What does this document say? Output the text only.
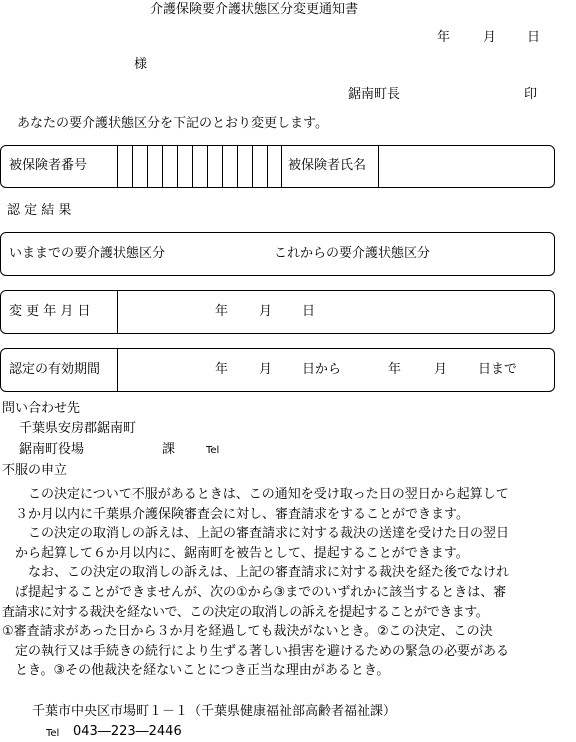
介護保険要介護状態区分変更通知書
年	月 日
様
鋸南町長	印
あなたの要介護状態区分を下記のとおり変更します。
被保険者番号	被保険者氏名
認 定 結 果
いままでの要介護状態区分	これからの要介護状態区分
変 更 年 月 日	年 月 日
認定の有効期間	年 月 日から	年	月 日まで
問い合わせ先
千葉県安房郡鋸南町
鋸南町役場	課	Tel
不服の申立
　この決定について不服があるときは、この通知を受け取った日の翌日から起算して
３か月以内に千葉県介護保険審査会に対し、審査請求をすることができます。
　この決定の取消しの訴えは、上記の審査請求に対する裁決の送達を受けた日の翌日
から起算して６か月以内に、鋸南町を被告として、提起することができます。
　なお、この決定の取消しの訴えは、上記の審査請求に対する裁決を経た後でなけれ
ば提起することができませんが、次の①から③までのいずれかに該当するときは、審
査請求に対する裁決を経ないで、この決定の取消しの訴えを提起することができます。
①審査請求があった日から３か月を経過しても裁決がないとき。②この決定、この決
定の執行又は手続きの続行により生ずる著しい損害を避けるための緊急の必要がある
とき。③その他裁決を経ないことにつき正当な理由があるとき。
千葉市中央区市場町１－１（千葉県健康福祉部高齢者福祉課）
Tel 043―223―2446
